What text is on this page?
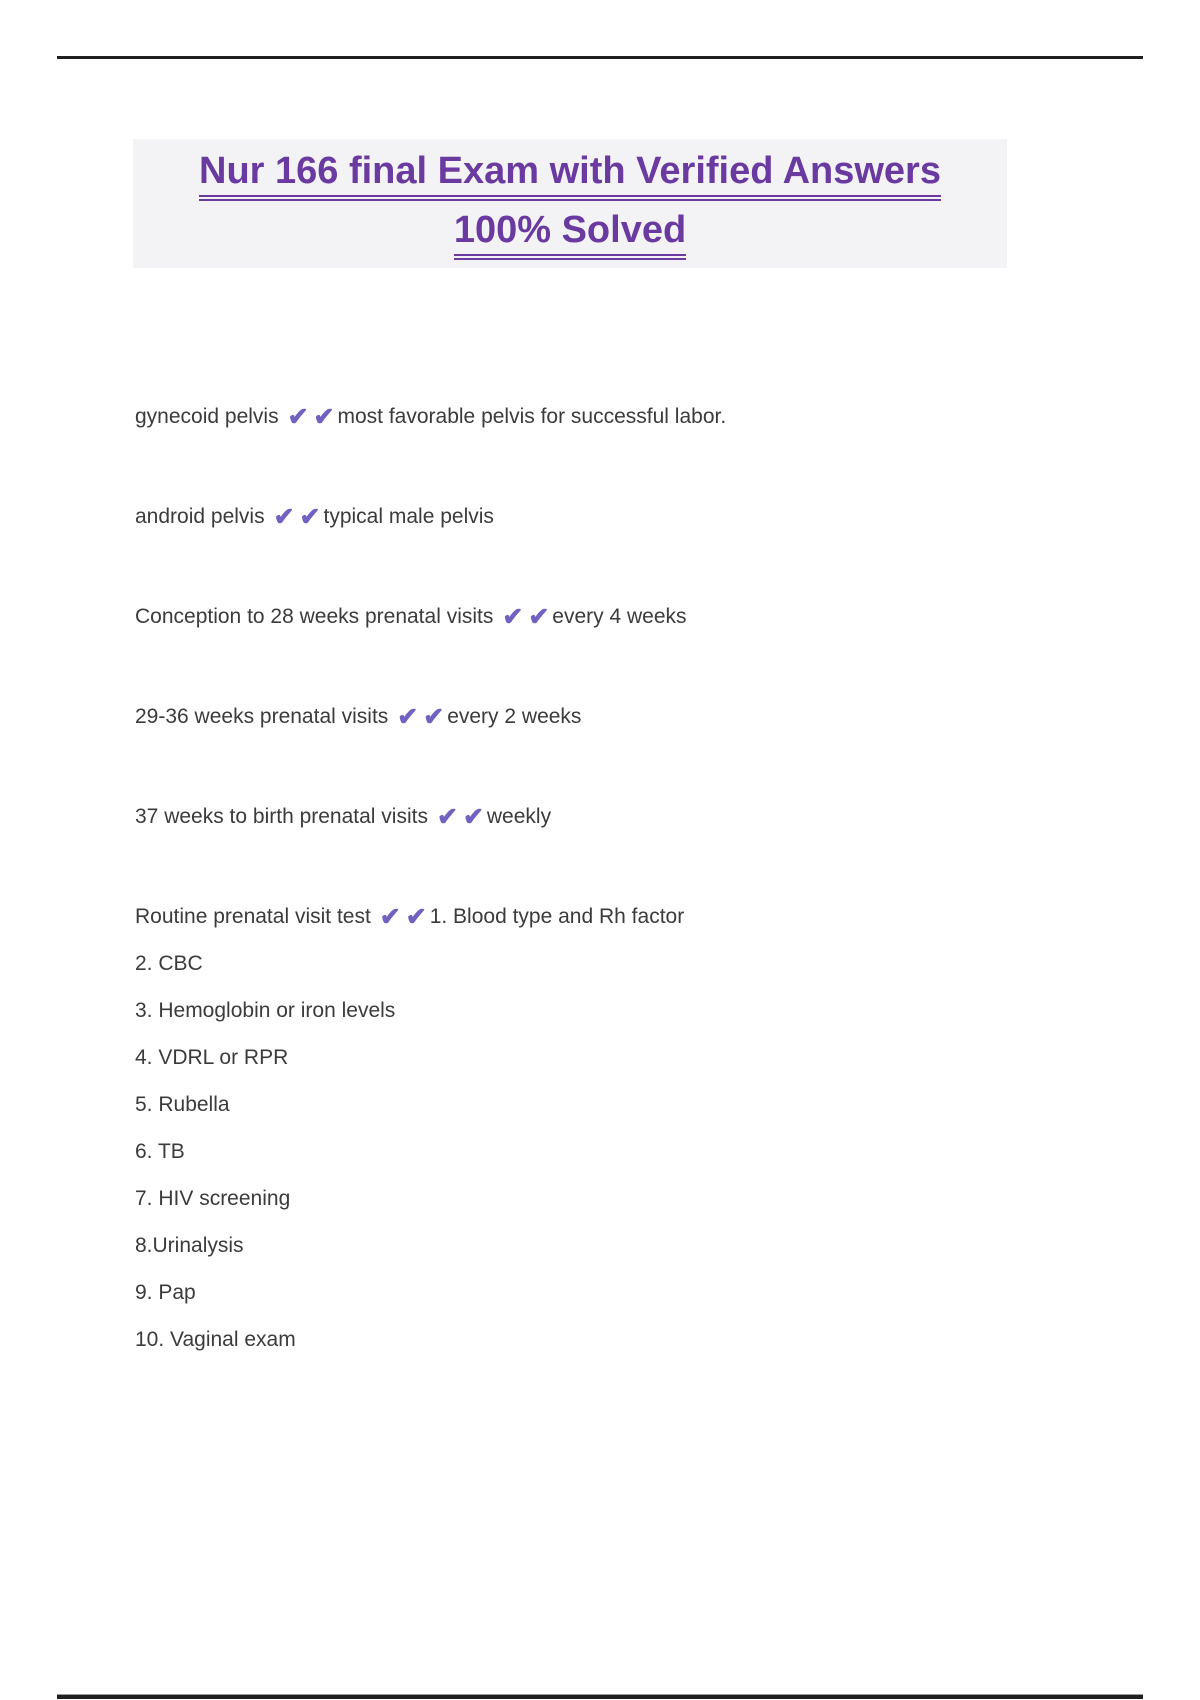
Nur 166 final Exam with Verified Answers
100% Solved

gynecoid pelvis ✔ ✔ most favorable pelvis for successful labor.

android pelvis ✔ ✔ typical male pelvis

Conception to 28 weeks prenatal visits ✔ ✔ every 4 weeks

29-36 weeks prenatal visits ✔ ✔ every 2 weeks

37 weeks to birth prenatal visits ✔ ✔ weekly

Routine prenatal visit test ✔ ✔ 1. Blood type and Rh factor

2. CBC

3. Hemoglobin or iron levels

4. VDRL or RPR

5. Rubella

6. TB

7. HIV screening

8.Urinalysis

9. Pap

10. Vaginal exam
